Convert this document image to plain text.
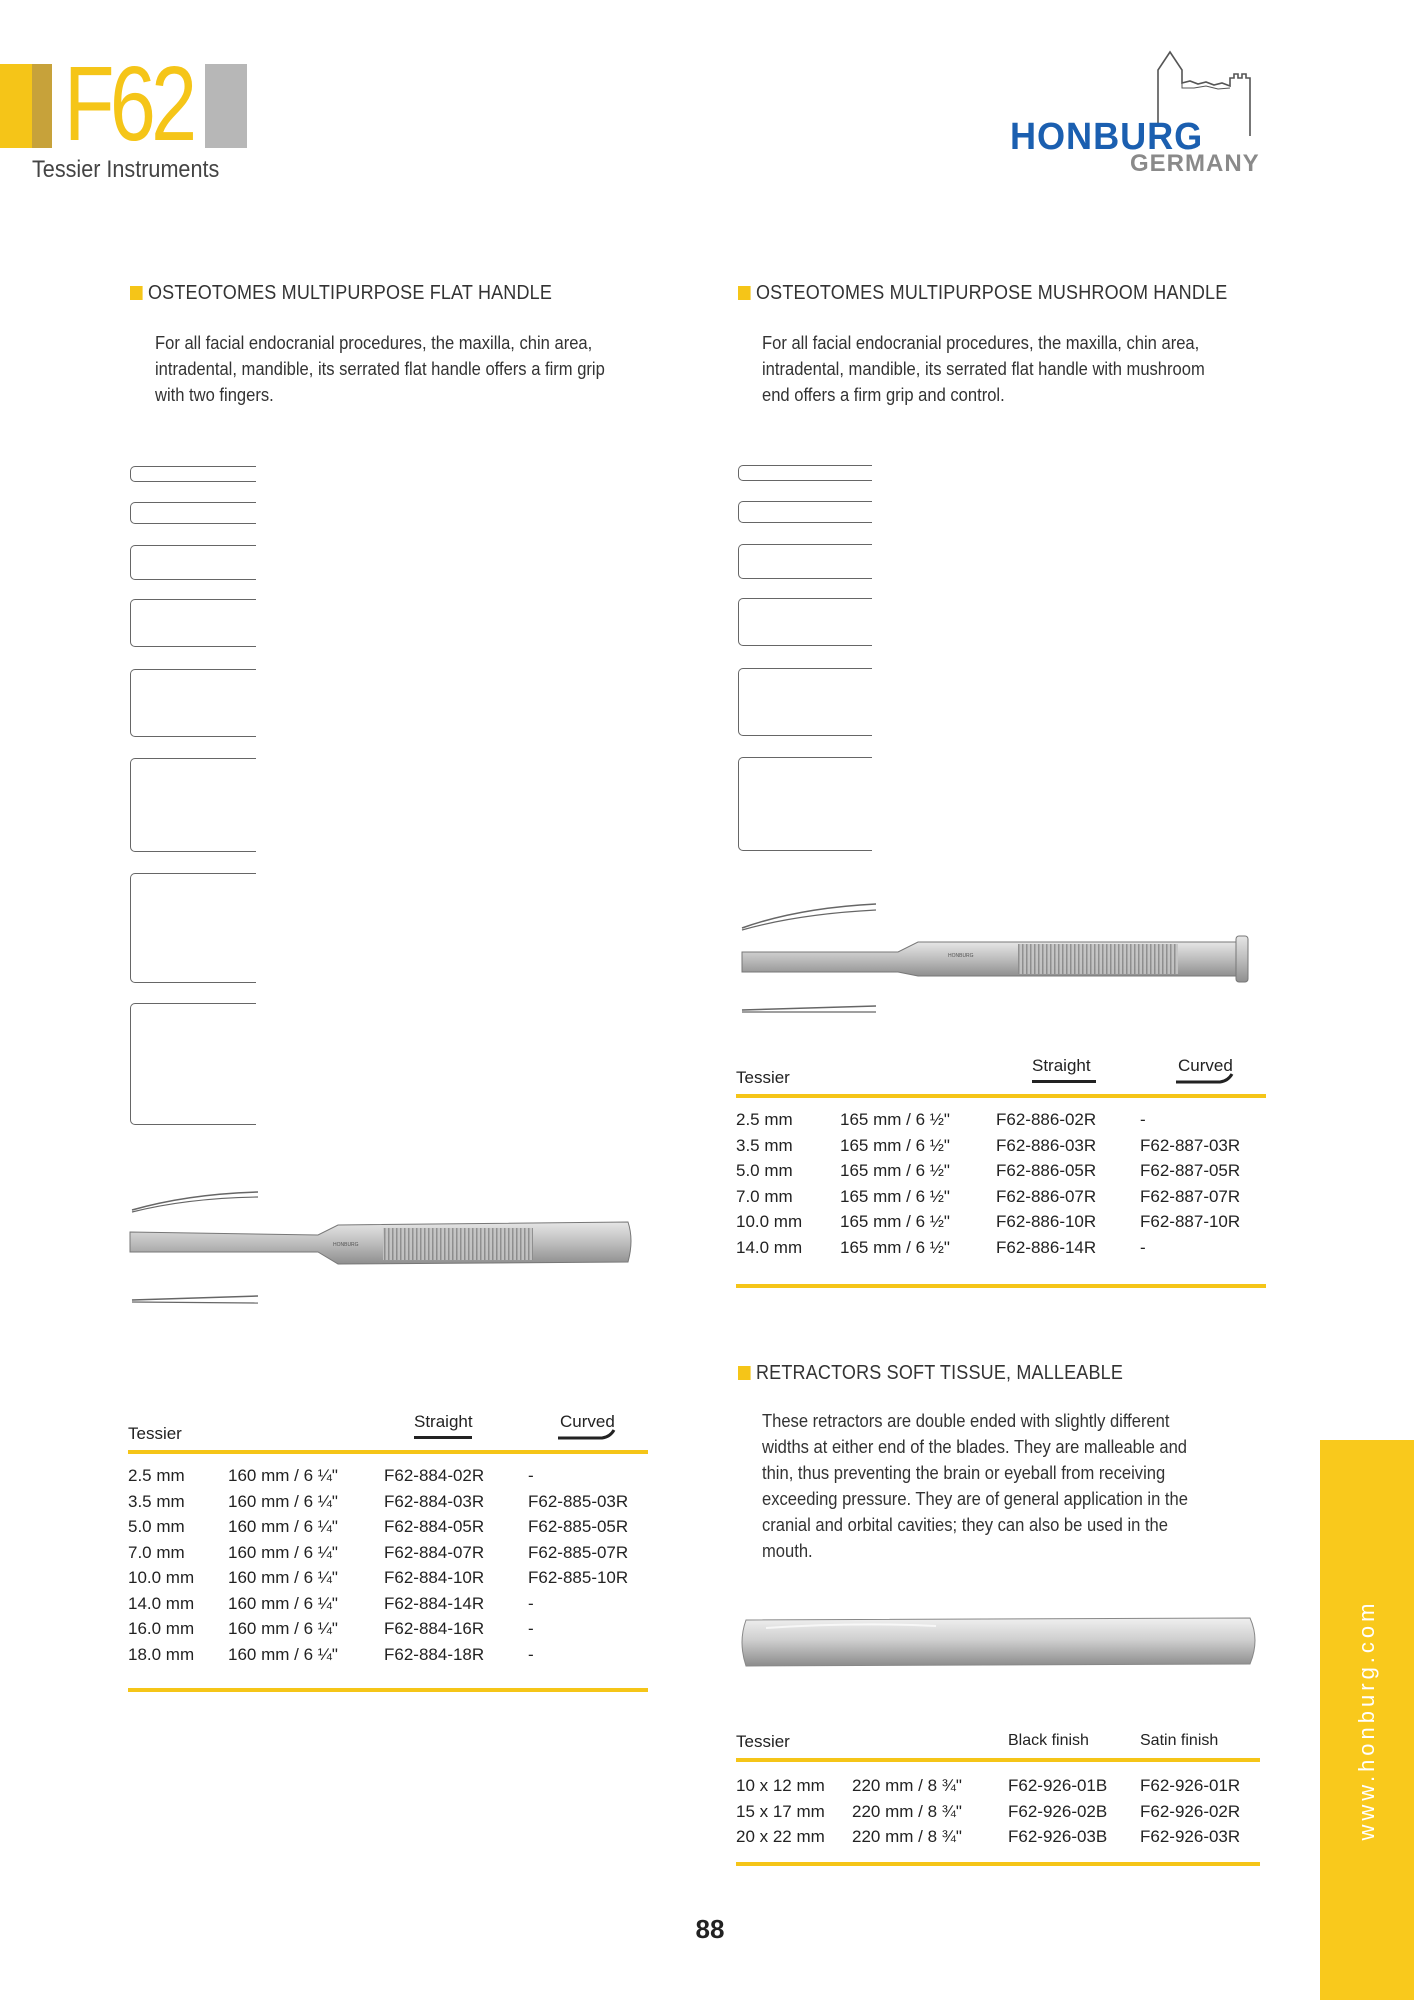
F62
Tessier Instruments
HONBURG
GERMANY
OSTEOTOMES MULTIPURPOSE FLAT HANDLE
For all facial endocranial procedures, the maxilla, chin area,
intradental, mandible, its serrated flat handle offers a firm grip
with two fingers.
HONBURG
Tessier
Straight	Curved
2.5 mm	160 mm / 6 ¼"	F62-884-02R	-
3.5 mm	160 mm / 6 ¼"	F62-884-03R	F62-885-03R
5.0 mm	160 mm / 6 ¼"	F62-884-05R	F62-885-05R
7.0 mm	160 mm / 6 ¼"	F62-884-07R	F62-885-07R
10.0 mm 160 mm / 6 ¼"	F62-884-10R	F62-885-10R
14.0 mm 160 mm / 6 ¼"	F62-884-14R	-
16.0 mm 160 mm / 6 ¼"	F62-884-16R	-
18.0 mm 160 mm / 6 ¼"	F62-884-18R	-
OSTEOTOMES MULTIPURPOSE MUSHROOM HANDLE
For all facial endocranial procedures, the maxilla, chin area,
intradental, mandible, its serrated flat handle with mushroom
end offers a firm grip and control.
HONBURG
Tessier
Straight	Curved
2.5 mm	165 mm / 6 ½"	F62-886-02R	-
3.5 mm	165 mm / 6 ½"	F62-886-03R	F62-887-03R
5.0 mm	165 mm / 6 ½"	F62-886-05R	F62-887-05R
7.0 mm	165 mm / 6 ½"	F62-886-07R	F62-887-07R
10.0 mm 165 mm / 6 ½"	F62-886-10R	F62-887-10R
14.0 mm 165 mm / 6 ½"	F62-886-14R	-
RETRACTORS SOFT TISSUE, MALLEABLE
These retractors are double ended with slightly different
widths at either end of the blades. They are malleable and
thin, thus preventing the brain or eyeball from receiving
exceeding pressure. They are of general application in the
cranial and orbital cavities; they can also be used in the
mouth.
Tessier	Black finish	Satin finish
10 x 12 mm 220 mm / 8 ¾"	F62-926-01B F62-926-01R
15 x 17 mm 220 mm / 8 ¾"	F62-926-02B F62-926-02R
20 x 22 mm 220 mm / 8 ¾"	F62-926-03B F62-926-03R	www.honburg.com
88
